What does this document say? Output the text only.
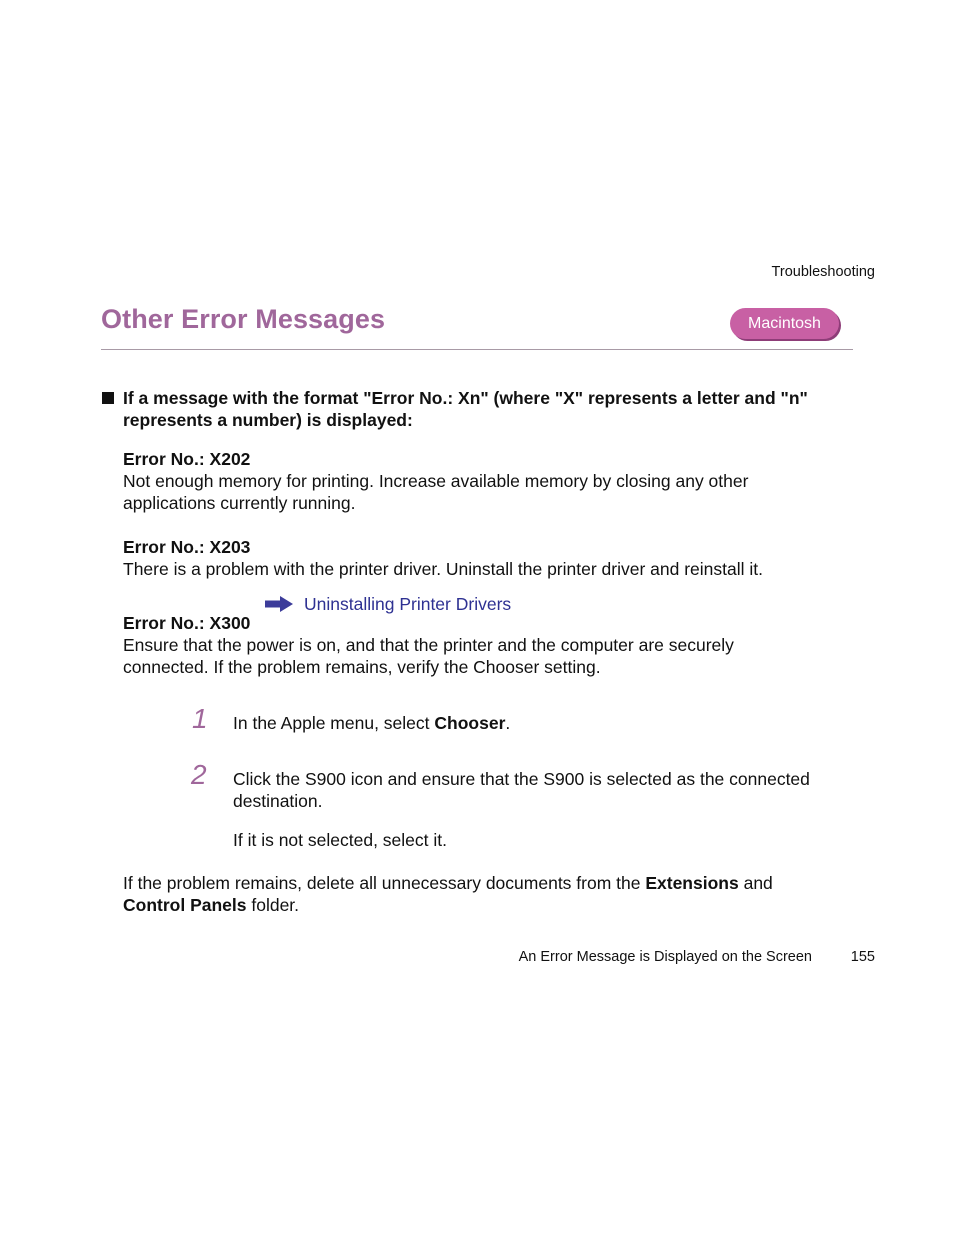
Troubleshooting
Other Error Messages	Macintosh
If a message with the format "Error No.: Xn" (where "X" represents a letter and "n"
represents a number) is displayed:
Error No.: X202
Not enough memory for printing. Increase available memory by closing any other
applications currently running.
Error No.: X203
There is a problem with the printer driver. Uninstall the printer driver and reinstall it.
Uninstalling Printer Drivers
Error No.: X300
Ensure that the power is on, and that the printer and the computer are securely
connected. If the problem remains, verify the Chooser setting.
1 In the Apple menu, select Chooser.
2 Click the S900 icon and ensure that the S900 is selected as the connected
destination.
If it is not selected, select it.
If the problem remains, delete all unnecessary documents from the Extensions and
Control Panels folder.
An Error Message is Displayed on the Screen	155
